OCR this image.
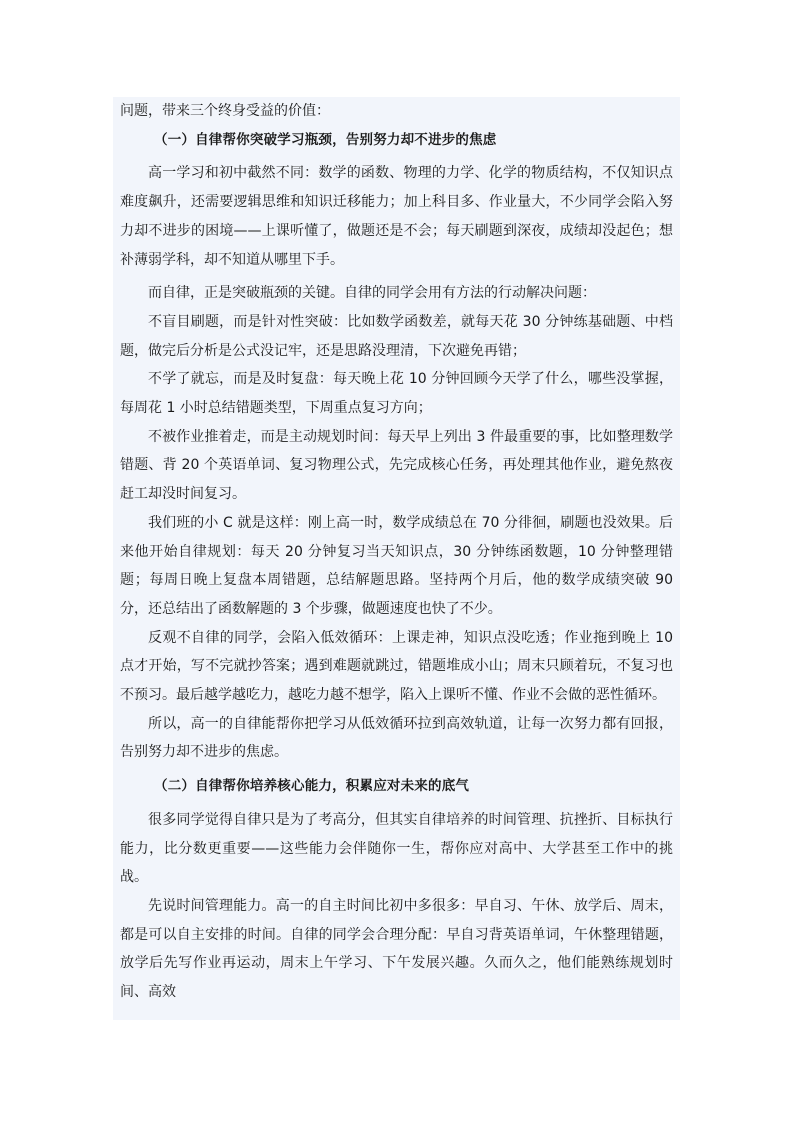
问题，带来三个终身受益的价值：

（一）自律帮你突破学习瓶颈，告别努力却不进步的焦虑

高一学习和初中截然不同：数学的函数、物理的力学、化学的物质结构，不仅知识点难度飙升，还需要逻辑思维和知识迁移能力；加上科目多、作业量大，不少同学会陷入努力却不进步的困境——上课听懂了，做题还是不会；每天刷题到深夜，成绩却没起色；想补薄弱学科，却不知道从哪里下手。

而自律，正是突破瓶颈的关键。自律的同学会用有方法的行动解决问题：

不盲目刷题，而是针对性突破：比如数学函数差，就每天花 30 分钟练基础题、中档题，做完后分析是公式没记牢，还是思路没理清，下次避免再错；

不学了就忘，而是及时复盘：每天晚上花 10 分钟回顾今天学了什么，哪些没掌握，每周花 1 小时总结错题类型，下周重点复习方向；

不被作业推着走，而是主动规划时间：每天早上列出 3 件最重要的事，比如整理数学错题、背 20 个英语单词、复习物理公式，先完成核心任务，再处理其他作业，避免熬夜赶工却没时间复习。

我们班的小 C 就是这样：刚上高一时，数学成绩总在 70 分徘徊，刷题也没效果。后来他开始自律规划：每天 20 分钟复习当天知识点，30 分钟练函数题，10 分钟整理错题；每周日晚上复盘本周错题，总结解题思路。坚持两个月后，他的数学成绩突破 90 分，还总结出了函数解题的 3 个步骤，做题速度也快了不少。

反观不自律的同学，会陷入低效循环：上课走神，知识点没吃透；作业拖到晚上 10 点才开始，写不完就抄答案；遇到难题就跳过，错题堆成小山；周末只顾着玩，不复习也不预习。最后越学越吃力，越吃力越不想学，陷入上课听不懂、作业不会做的恶性循环。

所以，高一的自律能帮你把学习从低效循环拉到高效轨道，让每一次努力都有回报，告别努力却不进步的焦虑。

（二）自律帮你培养核心能力，积累应对未来的底气

很多同学觉得自律只是为了考高分，但其实自律培养的时间管理、抗挫折、目标执行能力，比分数更重要——这些能力会伴随你一生，帮你应对高中、大学甚至工作中的挑战。

先说时间管理能力。高一的自主时间比初中多很多：早自习、午休、放学后、周末，都是可以自主安排的时间。自律的同学会合理分配：早自习背英语单词，午休整理错题，放学后先写作业再运动，周末上午学习、下午发展兴趣。久而久之，他们能熟练规划时间、高效
